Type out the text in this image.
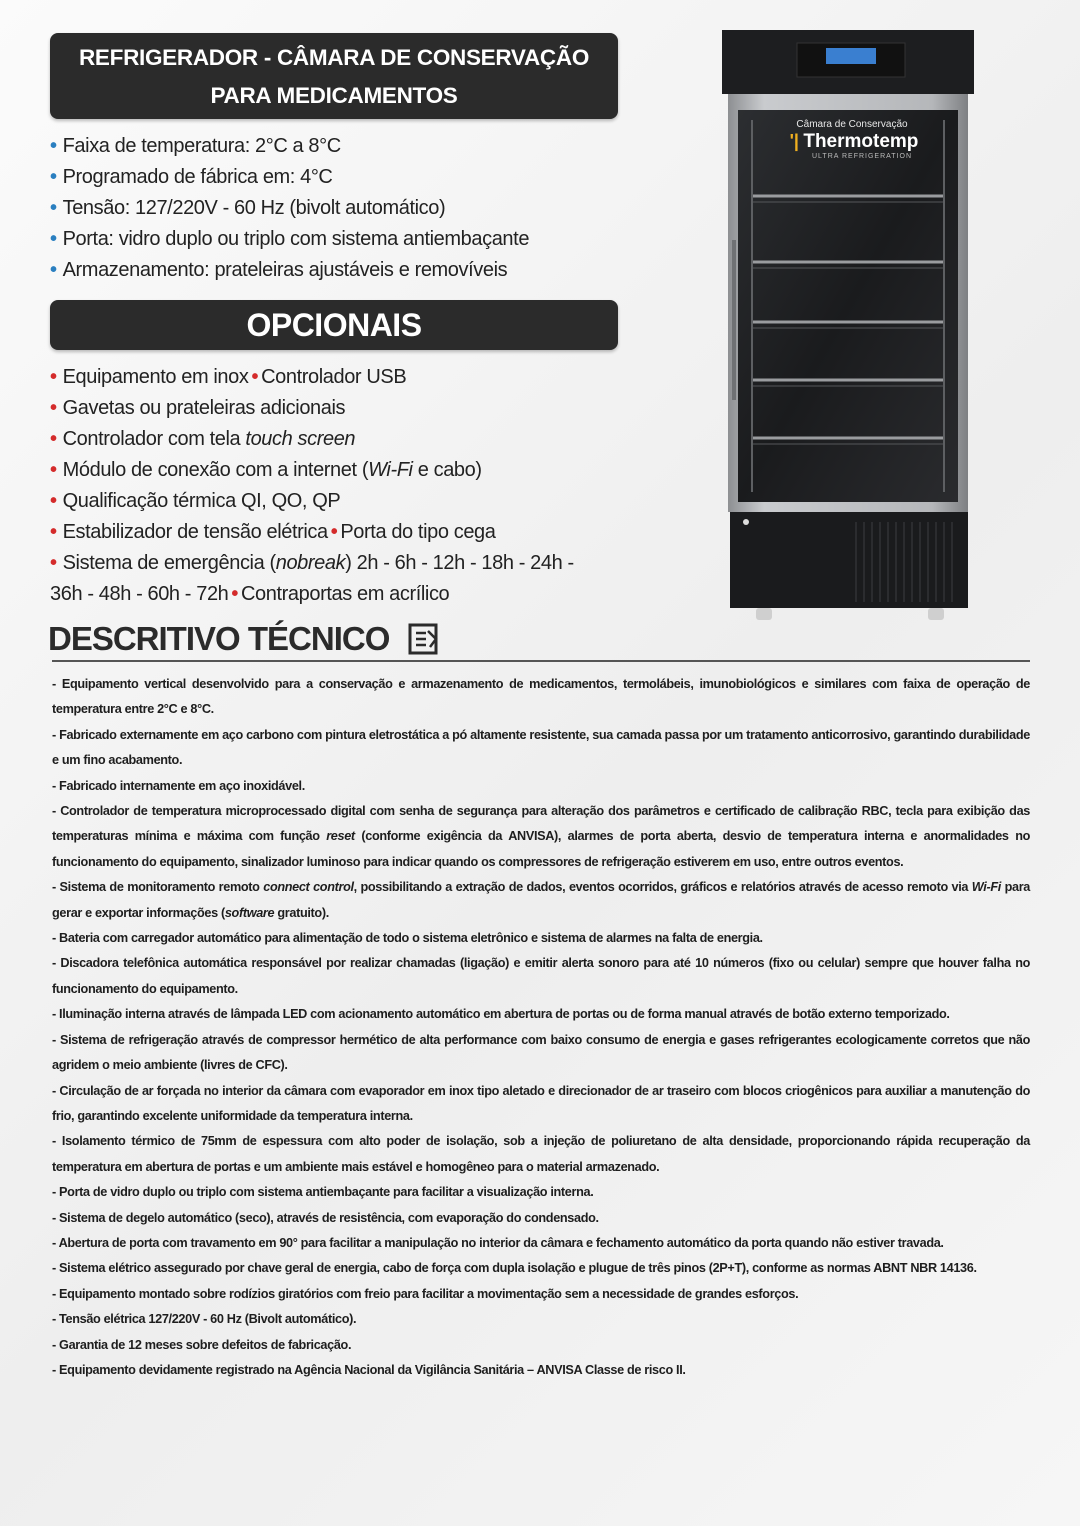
REFRIGERADOR - CÂMARA DE CONSERVAÇÃO
PARA MEDICAMENTOS
• Faixa de temperatura: 2°C a 8°C
• Programado de fábrica em: 4°C
• Tensão: 127/220V - 60 Hz (bivolt automático)
• Porta: vidro duplo ou triplo com sistema antiembaçante
• Armazenamento: prateleiras ajustáveis e removíveis
OPCIONAIS
• Equipamento em inox • Controlador USB
• Gavetas ou prateleiras adicionais
• Controlador com tela touch screen
• Módulo de conexão com a internet (Wi-Fi e cabo)
• Qualificação térmica QI, QO, QP
• Estabilizador de tensão elétrica • Porta do tipo cega
• Sistema de emergência (nobreak) 2h - 6h - 12h - 18h - 24h -
36h - 48h - 60h - 72h • Contraportas em acrílico
Câmara de Conservação
'| Thermotemp
ULTRA REFRIGERATION
DESCRITIVO TÉCNICO

- Equipamento vertical desenvolvido para a conservação e armazenamento de medicamentos, termolábeis, imunobiológicos e similares com faixa de operação de temperatura entre 2°C e 8°C.

- Fabricado externamente em aço carbono com pintura eletrostática a pó altamente resistente, sua camada passa por um tratamento anticorrosivo, garantindo durabilidade e um fino acabamento.

- Fabricado internamente em aço inoxidável.

- Controlador de temperatura microprocessado digital com senha de segurança para alteração dos parâmetros e certificado de calibração RBC, tecla para exibição das temperaturas mínima e máxima com função reset (conforme exigência da ANVISA), alarmes de porta aberta, desvio de temperatura interna e anormalidades no funcionamento do equipamento, sinalizador luminoso para indicar quando os compressores de refrigeração estiverem em uso, entre outros eventos.

- Sistema de monitoramento remoto connect control, possibilitando a extração de dados, eventos ocorridos, gráficos e relatórios através de acesso remoto via Wi-Fi para gerar e exportar informações (software gratuito).

- Bateria com carregador automático para alimentação de todo o sistema eletrônico e sistema de alarmes na falta de energia.

- Discadora telefônica automática responsável por realizar chamadas (ligação) e emitir alerta sonoro para até 10 números (fixo ou celular) sempre que houver falha no funcionamento do equipamento.

- Iluminação interna através de lâmpada LED com acionamento automático em abertura de portas ou de forma manual através de botão externo temporizado.

- Sistema de refrigeração através de compressor hermético de alta performance com baixo consumo de energia e gases refrigerantes ecologicamente corretos que não agridem o meio ambiente (livres de CFC).

- Circulação de ar forçada no interior da câmara com evaporador em inox tipo aletado e direcionador de ar traseiro com blocos criogênicos para auxiliar a manutenção do frio, garantindo excelente uniformidade da temperatura interna.

- Isolamento térmico de 75mm de espessura com alto poder de isolação, sob a injeção de poliuretano de alta densidade, proporcionando rápida recuperação da temperatura em abertura de portas e um ambiente mais estável e homogêneo para o material armazenado.

- Porta de vidro duplo ou triplo com sistema antiembaçante para facilitar a visualização interna.

- Sistema de degelo automático (seco), através de resistência, com evaporação do condensado.

- Abertura de porta com travamento em 90° para facilitar a manipulação no interior da câmara e fechamento automático da porta quando não estiver travada.

- Sistema elétrico assegurado por chave geral de energia, cabo de força com dupla isolação e plugue de três pinos (2P+T), conforme as normas ABNT NBR 14136.

- Equipamento montado sobre rodízios giratórios com freio para facilitar a movimentação sem a necessidade de grandes esforços.

- Tensão elétrica 127/220V - 60 Hz (Bivolt automático).

- Garantia de 12 meses sobre defeitos de fabricação.

- Equipamento devidamente registrado na Agência Nacional da Vigilância Sanitária – ANVISA Classe de risco II.
